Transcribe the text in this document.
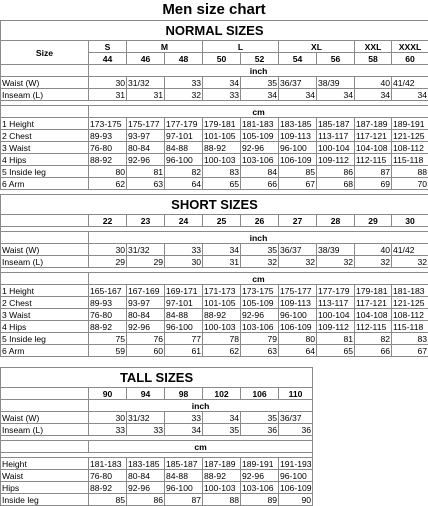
Men size chart
NORMAL SIZES									
Size	S	M		L		XL		XXL	XXXL
	44	46	48	50	52	54	56	58	60
	inch								
Waist (W)	30	31/32	33	34	35	36/37	38/39	40	41/42
Inseam (L)	31	31	32	33	34	34	34	34	34

	cm								
1 Height	173-175	175-177	177-179	179-181	181-183	183-185	185-187	187-189	189-191
2 Chest	89-93	93-97	97-101	101-105	105-109	109-113	113-117	117-121	121-125
3 Waist	76-80	80-84	84-88	88-92	92-96	96-100	100-104	104-108	108-112
4 Hips	88-92	92-96	96-100	100-103	103-106	106-109	109-112	112-115	115-118
5 Inside leg	80	81	82	83	84	85	86	87	88
6 Arm	62	63	64	65	66	67	68	69	70
SHORT SIZES									
	22	23	24	25	26	27	28	29	30

	inch								
Waist (W)	30	31/32	33	34	35	36/37	38/39	40	41/42
Inseam (L)	29	29	30	31	32	32	32	32	32

	cm								
1 Height	165-167	167-169	169-171	171-173	173-175	175-177	177-179	179-181	181-183
2 Chest	89-93	93-97	97-101	101-105	105-109	109-113	113-117	117-121	121-125
3 Waist	76-80	80-84	84-88	88-92	92-96	96-100	100-104	104-108	108-112
4 Hips	88-92	92-96	96-100	100-103	103-106	106-109	109-112	112-115	115-118
5 Inside leg	75	76	77	78	79	80	81	82	83
6 Arm	59	60	61	62	63	64	65	66	67
TALL SIZES						
	90	94	98	102	106	110
	inch					
Waist (W)	30	31/32	33	34	35	36/37
Inseam (L)	33	33	34	35	36	36

	cm					

Height	181-183	183-185	185-187	187-189	189-191	191-193
Waist	76-80	80-84	84-88	88-92	92-96	96-100
Hips	88-92	92-96	96-100	100-103	103-106	106-109
Inside leg	85	86	87	88	89	90
